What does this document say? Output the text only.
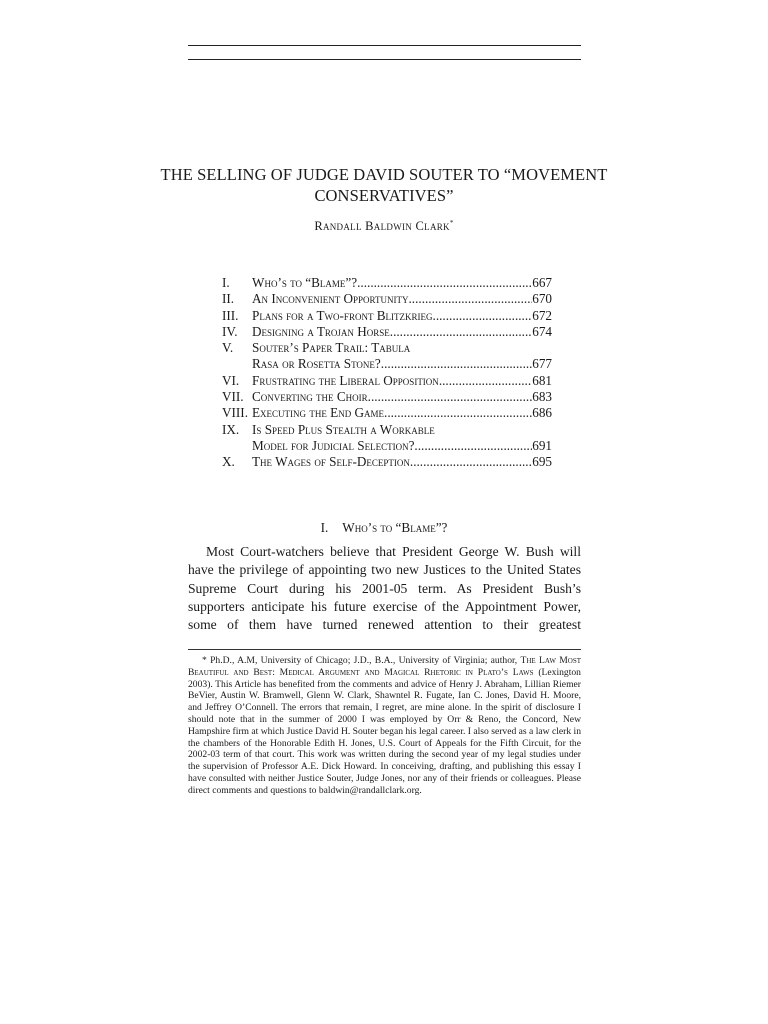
THE SELLING OF JUDGE DAVID SOUTER TO “MOVEMENT CONSERVATIVES”
Randall Baldwin Clark*
I.	Who’s to “Blame”? .....	667
II.	An Inconvenient Opportunity .....	670
III.	Plans for a Two-front Blitzkrieg .....	672
IV.	Designing a Trojan Horse .....	674
V.	Souter’s Paper Trail: Tabula
Rasa or Rosetta Stone? .....	677
VI. Frustrating the Liberal Opposition .....	681
VII. Converting the Choir .....	683
VIII. Executing the End Game .....	686
IX. Is Speed Plus Stealth a Workable
Model for Judicial Selection? .....	691
X.	The Wages of Self-Deception .....	695
I. Who’s to “Blame”?

Most Court-watchers believe that President George W. Bush will have the privilege of appointing two new Justices to the United States Supreme Court during his 2001-05 term. As President Bush’s supporters anticipate his future exercise of the Appointment Power, some of them have turned renewed attention to their greatest

* Ph.D., A.M, University of Chicago; J.D., B.A., University of Virginia; author, The Law Most Beautiful and Best: Medical Argument and Magical Rhetoric in Plato’s Laws (Lexington 2003). This Article has benefited from the comments and advice of Henry J. Abraham, Lillian Riemer BeVier, Austin W. Bramwell, Glenn W. Clark, Shawntel R. Fugate, Ian C. Jones, David H. Moore, and Jeffrey O’Connell. The errors that remain, I regret, are mine alone. In the spirit of disclosure I should note that in the summer of 2000 I was employed by Orr & Reno, the Concord, New Hampshire firm at which Justice David H. Souter began his legal career. I also served as a law clerk in the chambers of the Honorable Edith H. Jones, U.S. Court of Appeals for the Fifth Circuit, for the 2002-03 term of that court. This work was written during the second year of my legal studies under the supervision of Professor A.E. Dick Howard. In conceiving, drafting, and publishing this essay I have consulted with neither Justice Souter, Judge Jones, nor any of their friends or colleagues. Please direct comments and questions to baldwin@randallclark.org.
